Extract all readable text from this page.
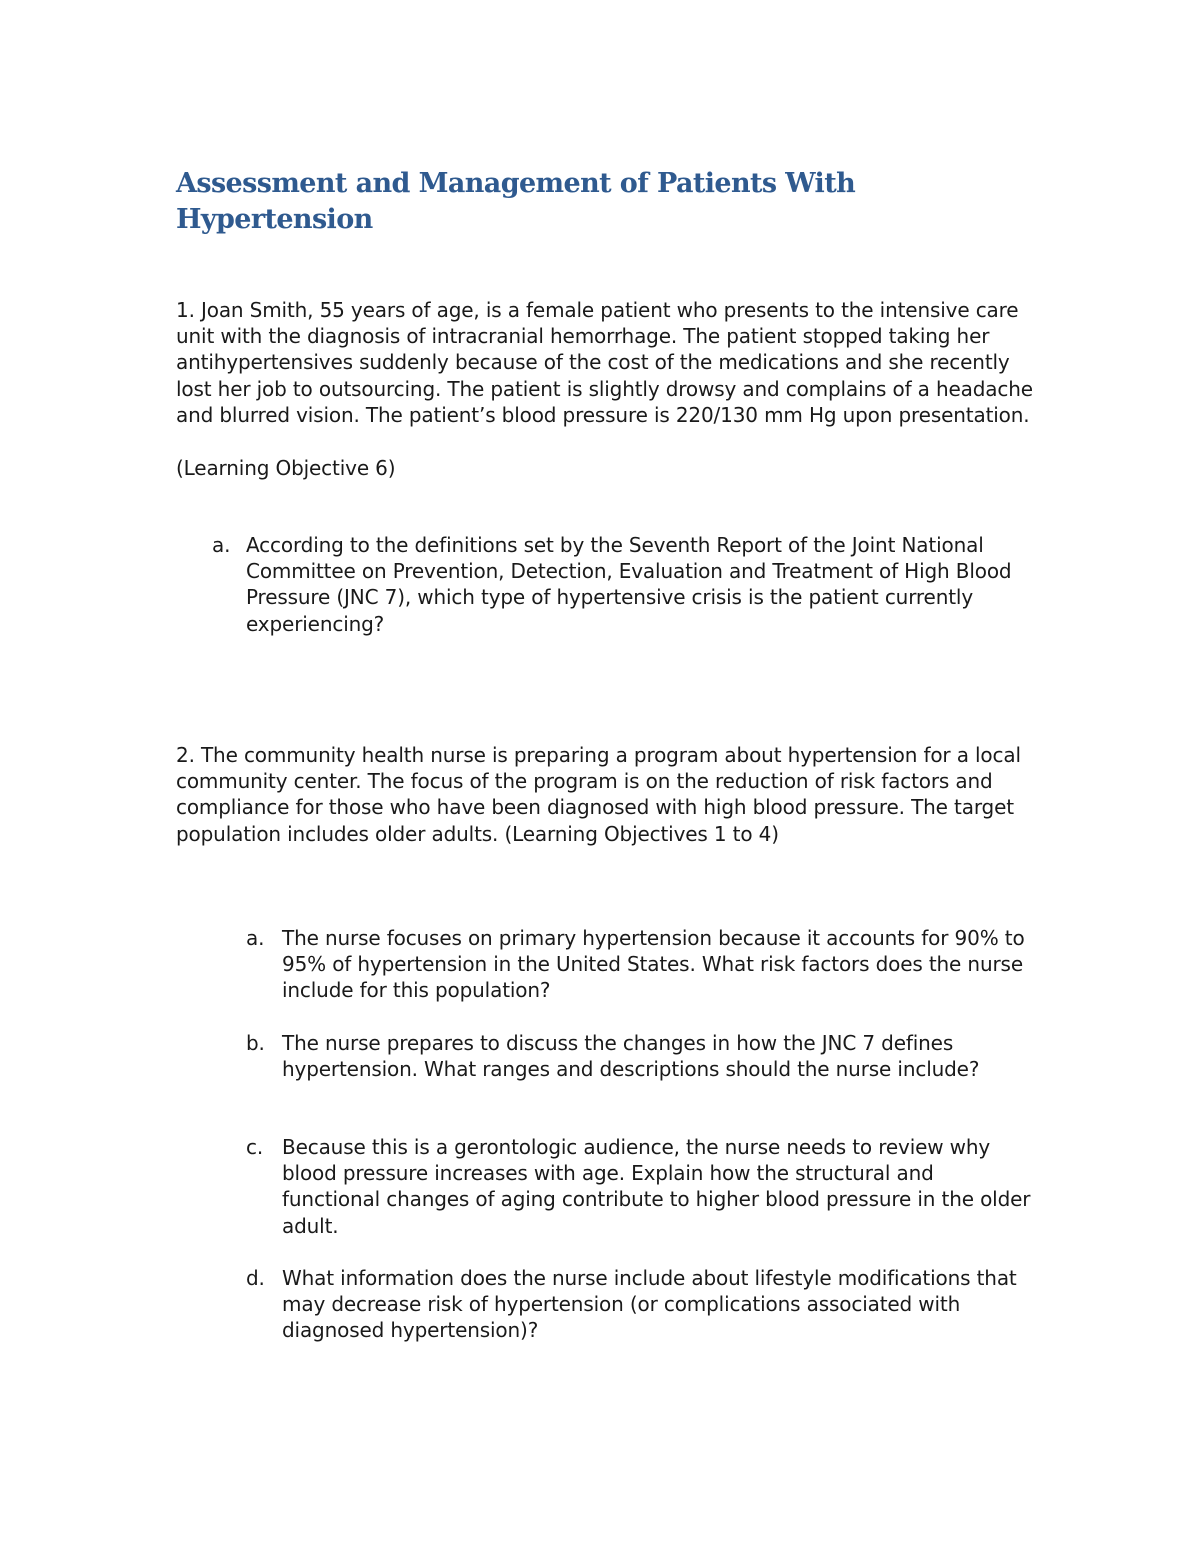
Assessment and Management of Patients With Hypertension

1. Joan Smith, 55 years of age, is a female patient who presents to the intensive care unit with the diagnosis of intracranial hemorrhage. The patient stopped taking her antihypertensives suddenly because of the cost of the medications and she recently lost her job to outsourcing. The patient is slightly drowsy and complains of a headache and blurred vision. The patient’s blood pressure is 220/130 mm Hg upon presentation.

(Learning Objective 6)

a. According to the definitions set by the Seventh Report of the Joint National Committee on Prevention, Detection, Evaluation and Treatment of High Blood Pressure (JNC 7), which type of hypertensive crisis is the patient currently experiencing?

2. The community health nurse is preparing a program about hypertension for a local community center. The focus of the program is on the reduction of risk factors and compliance for those who have been diagnosed with high blood pressure. The target population includes older adults. (Learning Objectives 1 to 4)

a. The nurse focuses on primary hypertension because it accounts for 90% to 95% of hypertension in the United States. What risk factors does the nurse include for this population?

b. The nurse prepares to discuss the changes in how the JNC 7 defines hypertension. What ranges and descriptions should the nurse include?

c. Because this is a gerontologic audience, the nurse needs to review why blood pressure increases with age. Explain how the structural and functional changes of aging contribute to higher blood pressure in the older adult.

d. What information does the nurse include about lifestyle modifications that may decrease risk of hypertension (or complications associated with diagnosed hypertension)?
